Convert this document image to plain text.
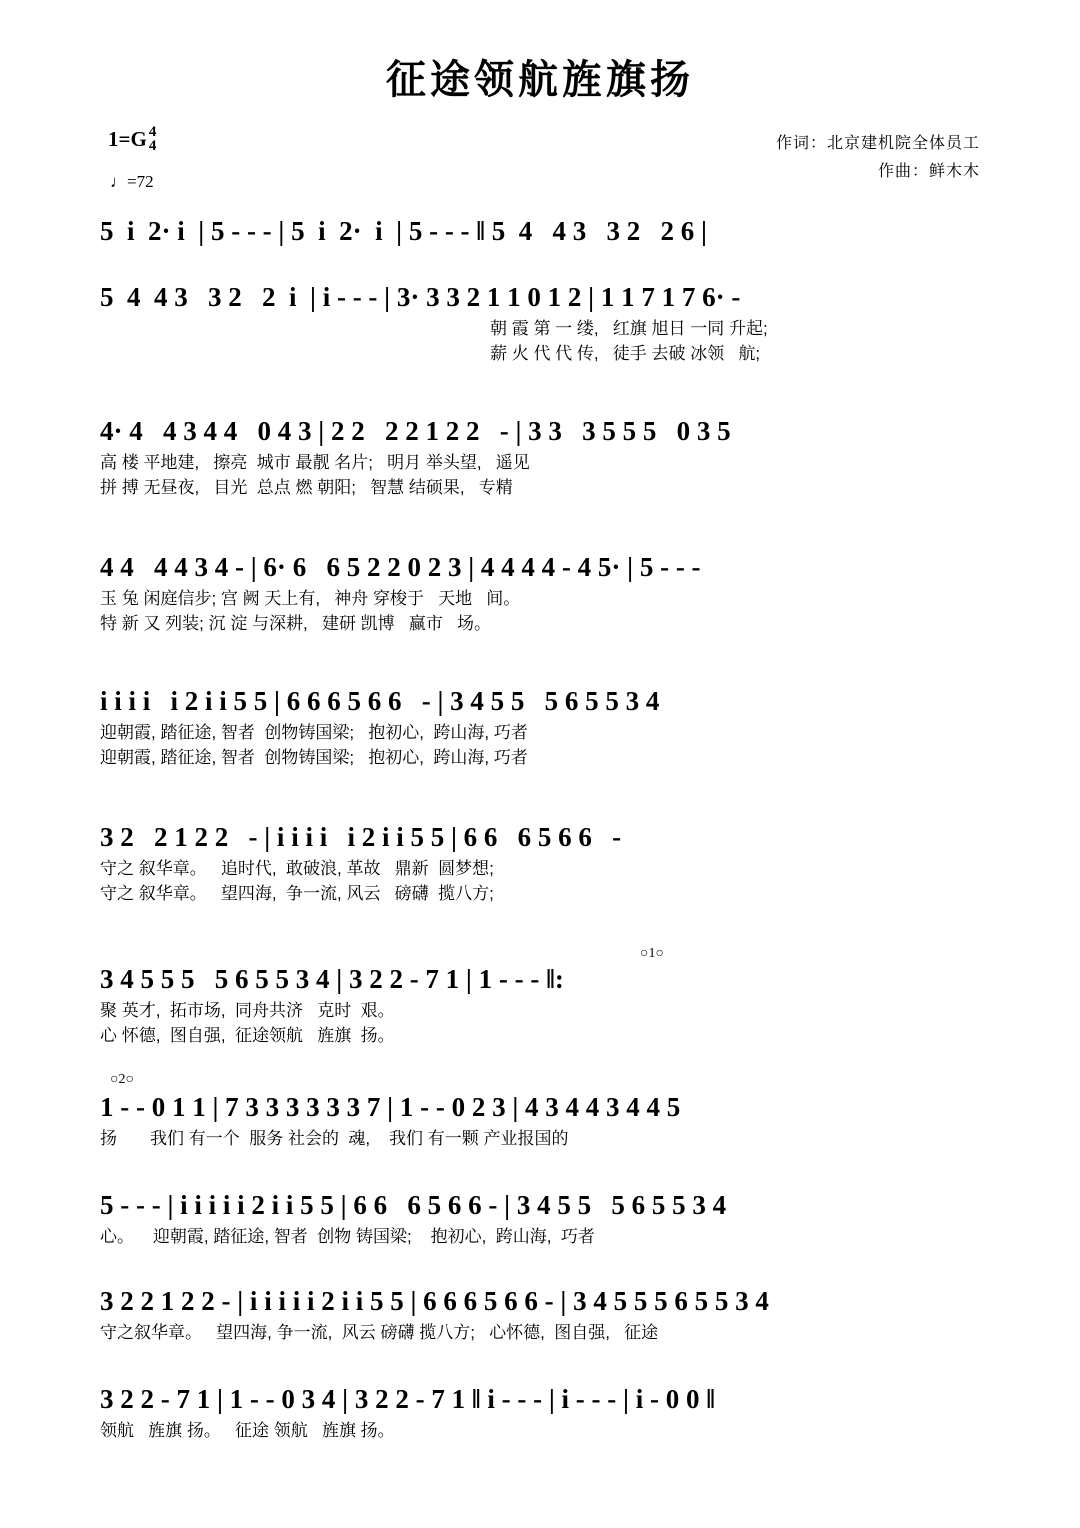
征途领航旌旗扬
1=G 4
4
♩=72
作词：北京建机院全体员工
作曲：鲜木木
5  i  2· i  | 5 - - - | 5  i  2·  i  | 5 - - - ‖ 5  4   4 3   3 2   2 6 |
5  4  4 3   3 2   2  i  | i - - - | 3· 3 3 2 1 1 0 1 2 | 1 1 7 1 7 6· -
朝 霞 第 一 缕,   红旗 旭日 一同 升起;
薪 火 代 代 传,   徒手 去破 冰领   航;
4· 4   4 3 4 4   0 4 3 | 2 2   2 2 1 2 2   - | 3 3   3 5 5 5   0 3 5
高 楼 平地建,   擦亮  城市 最靓 名片;   明月 举头望,   遥见
拼 搏 无昼夜,   目光  总点 燃 朝阳;   智慧 结硕果,   专精
4 4   4 4 3 4 - | 6· 6   6 5 2 2 0 2 3 | 4 4 4 4 - 4 5· | 5 - - -
玉 兔 闲庭信步; 宫 阙 天上有,   神舟 穿梭于   天地   间。
特 新 又 列装; 沉 淀 与深耕,   建研 凯博   赢市   场。
i i i i   i 2 i i 5 5 | 6 6 6 5 6 6   - | 3 4 5 5   5 6 5 5 3 4
迎朝霞, 踏征途, 智者  创物铸国梁;   抱初心,  跨山海, 巧者
迎朝霞, 踏征途, 智者  创物铸国梁;   抱初心,  跨山海, 巧者
3 2   2 1 2 2   - | i i i i   i 2 i i 5 5 | 6 6   6 5 6 6   -
守之 叙华章。   追时代,  敢破浪, 革故   鼎新  圆梦想;
守之 叙华章。   望四海,  争一流, 风云   磅礴  揽八方;
○1○
3 4 5 5 5   5 6 5 5 3 4 | 3 2 2 - 7 1 | 1 - - - ‖:
聚 英才,  拓市场,  同舟共济   克时  艰。
心 怀德,  图自强,  征途领航   旌旗  扬。
○2○
1 - - 0 1 1 | 7 3 3 3 3 3 3 7 | 1 - - 0 2 3 | 4 3 4 4 3 4 4 5
扬       我们 有一个  服务 社会的  魂,    我们 有一颗 产业报国的
5 - - - | i i i i i 2 i i 5 5 | 6 6   6 5 6 6 - | 3 4 5 5   5 6 5 5 3 4
心。    迎朝霞, 踏征途, 智者  创物 铸国梁;    抱初心,  跨山海,  巧者
3 2 2 1 2 2 - | i i i i i 2 i i 5 5 | 6 6 6 5 6 6 - | 3 4 5 5 5 6 5 5 3 4
守之叙华章。   望四海, 争一流,  风云 磅礴 揽八方;   心怀德,  图自强,   征途
3 2 2 - 7 1 | 1 - - 0 3 4 | 3 2 2 - 7 1 ‖ i - - - | i - - - | i - 0 0 ‖
领航   旌旗 扬。   征途 领航   旌旗 扬。
